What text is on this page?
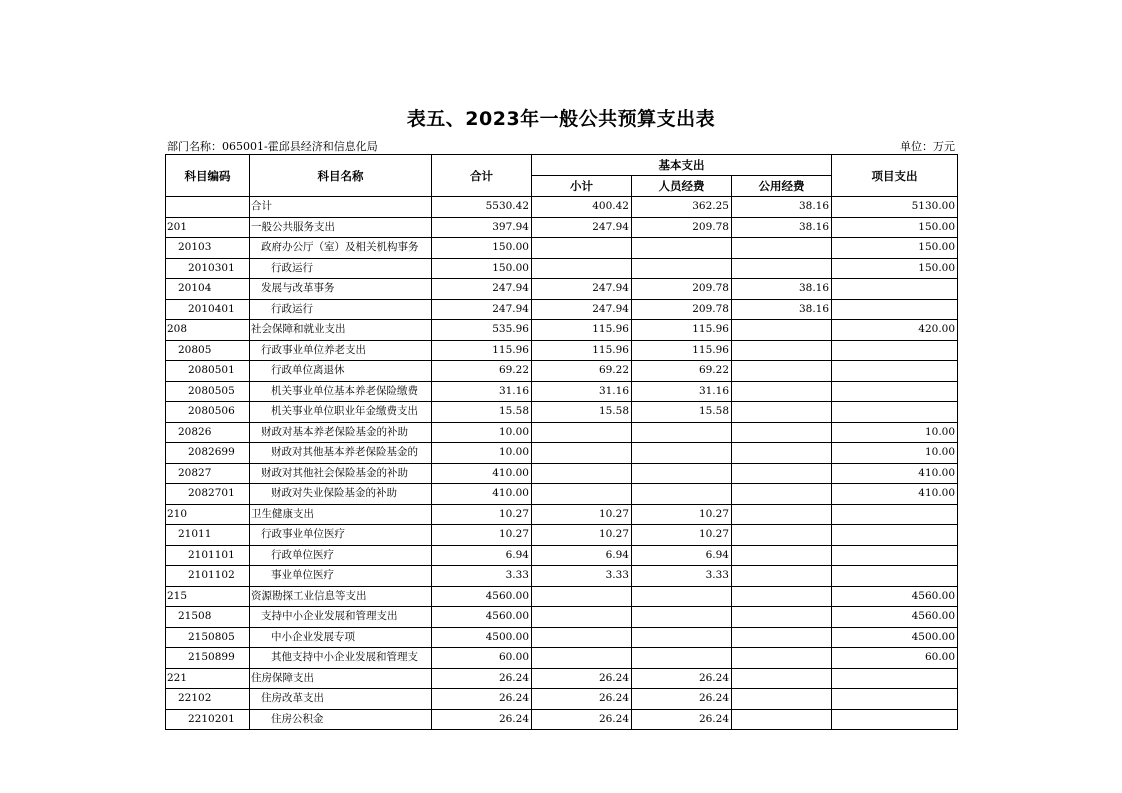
表五、2023年一般公共预算支出表
部门名称：065001-霍邱县经济和信息化局	单位：万元
科目编码	科目名称	合计	基本支出			项目支出
			小计	人员经费	公用经费	
	合计	5530.42	400.42	362.25	38.16	5130.00
201	一般公共服务支出	397.94	247.94	209.78	38.16	150.00
20103	政府办公厅（室）及相关机构事务	150.00				150.00
2010301	行政运行	150.00				150.00
20104	发展与改革事务	247.94	247.94	209.78	38.16	
2010401	行政运行	247.94	247.94	209.78	38.16	
208	社会保障和就业支出	535.96	115.96	115.96		420.00
20805	行政事业单位养老支出	115.96	115.96	115.96		
2080501	行政单位离退休	69.22	69.22	69.22		
2080505	机关事业单位基本养老保险缴费	31.16	31.16	31.16		
2080506	机关事业单位职业年金缴费支出	15.58	15.58	15.58		
20826	财政对基本养老保险基金的补助	10.00				10.00
2082699	财政对其他基本养老保险基金的	10.00				10.00
20827	财政对其他社会保险基金的补助	410.00				410.00
2082701	财政对失业保险基金的补助	410.00				410.00
210	卫生健康支出	10.27	10.27	10.27		
21011	行政事业单位医疗	10.27	10.27	10.27		
2101101	行政单位医疗	6.94	6.94	6.94		
2101102	事业单位医疗	3.33	3.33	3.33		
215	资源勘探工业信息等支出	4560.00				4560.00
21508	支持中小企业发展和管理支出	4560.00				4560.00
2150805	中小企业发展专项	4500.00				4500.00
2150899	其他支持中小企业发展和管理支	60.00				60.00
221	住房保障支出	26.24	26.24	26.24		
22102	住房改革支出	26.24	26.24	26.24		
2210201	住房公积金	26.24	26.24	26.24		
